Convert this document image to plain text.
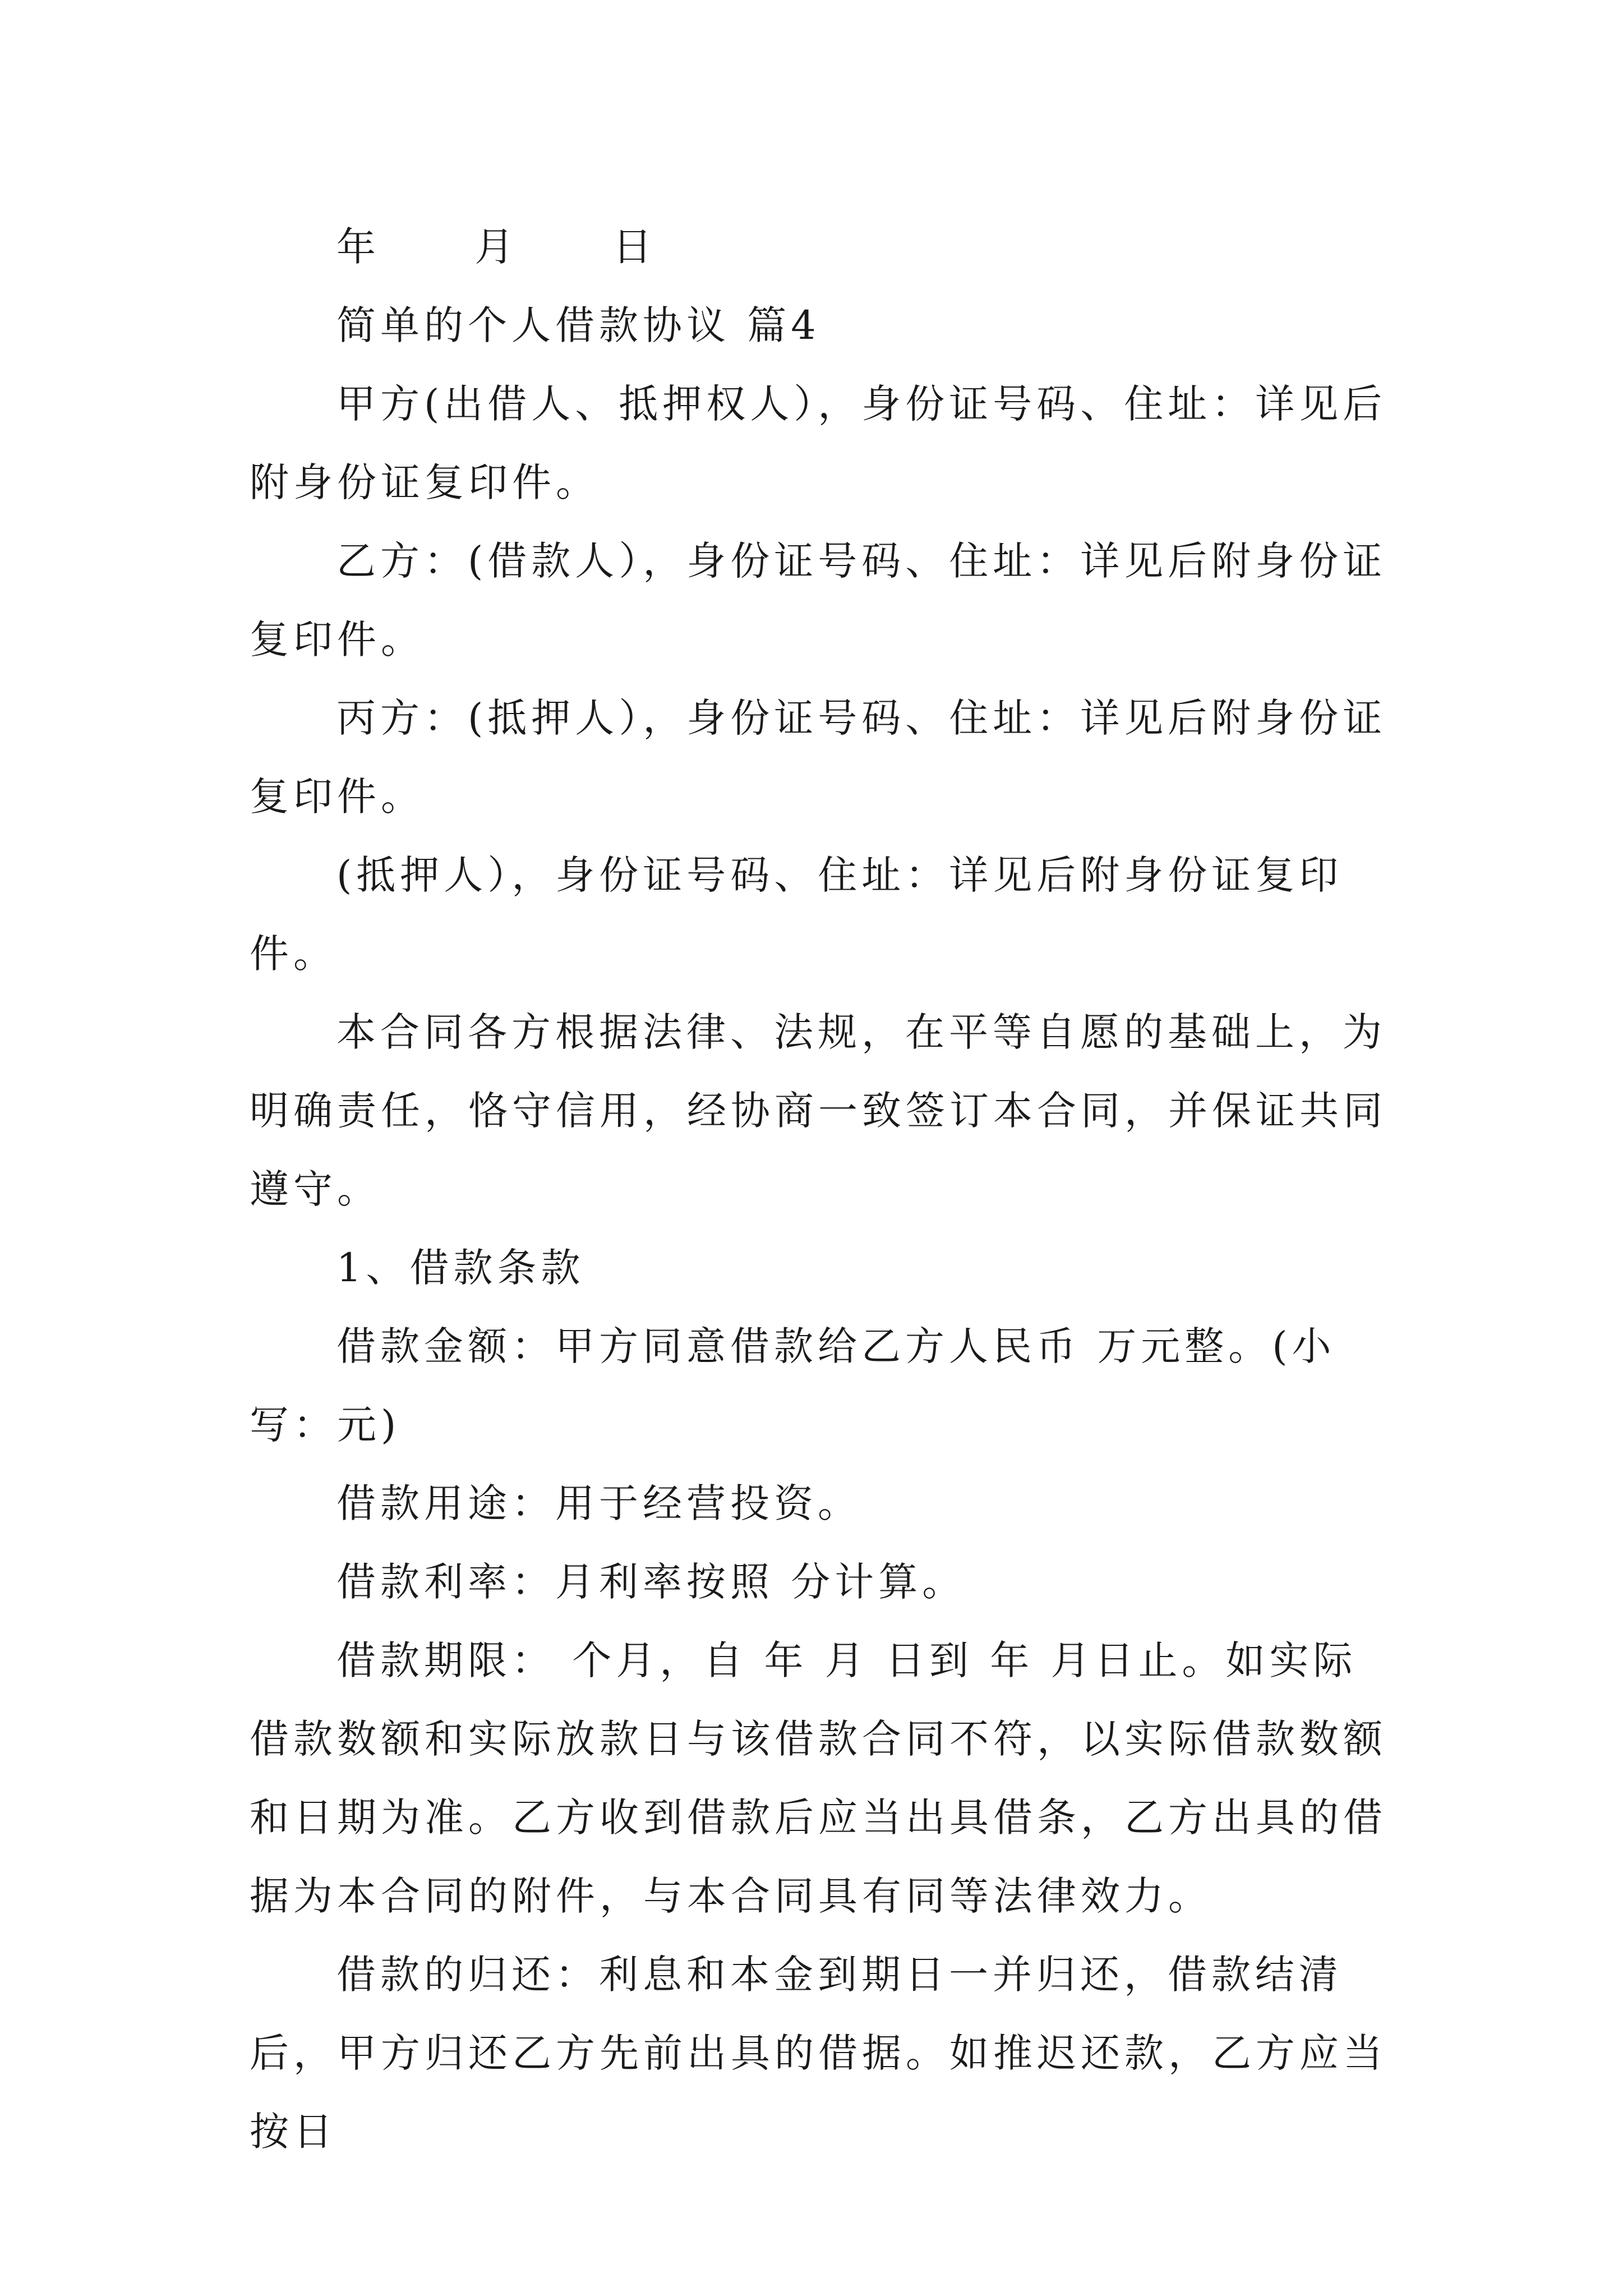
年　 月　 日

简单的个人借款协议 篇4

甲方(出借人、抵押权人），身份证号码、住址：详见后附身份证复印件。

乙方：(借款人），身份证号码、住址：详见后附身份证复印件。

丙方：(抵押人），身份证号码、住址：详见后附身份证复印件。

(抵押人），身份证号码、住址：详见后附身份证复印件。

本合同各方根据法律、法规，在平等自愿的基础上，为明确责任，恪守信用，经协商一致签订本合同，并保证共同遵守。

1、借款条款

借款金额：甲方同意借款给乙方人民币 万元整。(小写：元)

借款用途：用于经营投资。

借款利率：月利率按照 分计算。

借款期限： 个月，自 年 月 日到 年 月日止。如实际借款数额和实际放款日与该借款合同不符，以实际借款数额和日期为准。乙方收到借款后应当出具借条，乙方出具的借据为本合同的附件，与本合同具有同等法律效力。

借款的归还：利息和本金到期日一并归还，借款结清后，甲方归还乙方先前出具的借据。如推迟还款，乙方应当按日
